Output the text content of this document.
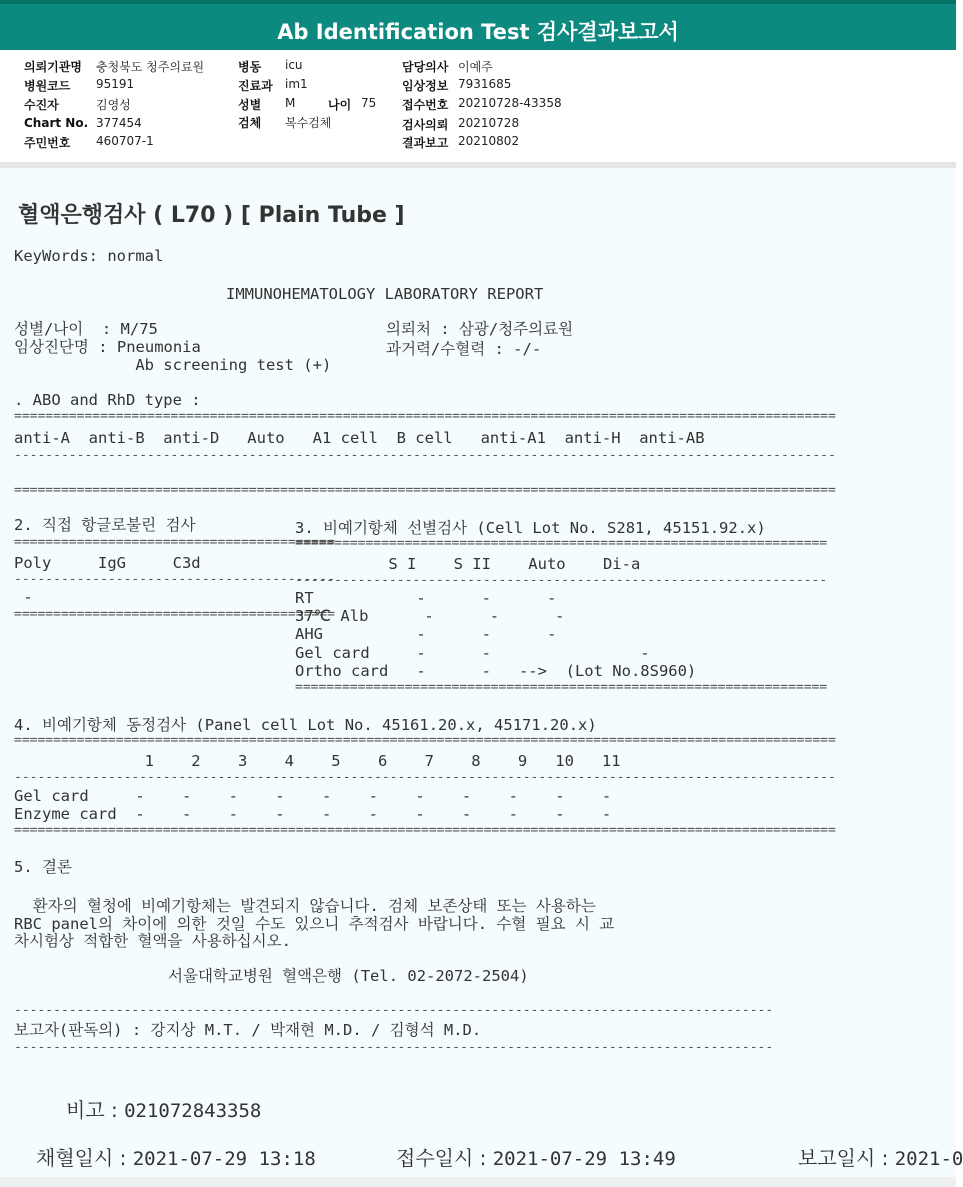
Ab Identification Test 검사결과보고서
의뢰기관명 충청북도 청주의료원
병원코드 95191
수진자	김영성
Chart No. 377454
주민번호 460707-1
병동 icu
진료과 im1
성별 M	나이 75
검체 복수검체
담당의사 이예주
임상정보 7931685
접수번호 20210728-43358
검사의뢰 20210728
결과보고 20210802
혈액은행검사 ( L70 ) [ Plain Tube ]
KeyWords: normal
IMMUNOHEMATOLOGY LABORATORY REPORT
성별/나이  : M/75
임상진단명 : Pneumonia
Ab screening test (+)
의뢰처 : 삼광/청주의료원
과거력/수혈력 : -/-
. ABO and RhD type :
=========================================================================================================
anti-A  anti-B  anti-D   Auto   A1 cell  B cell   anti-A1  anti-H  anti-AB
---------------------------------------------------------------------------------------------------------
=========================================================================================================
2. 직접 항글로불린 검사
=========================================
Poly     IgG     C3d
-----------------------------------------
-
=========================================
3. 비예기항체 선별검사 (Cell Lot No. S281, 45151.92.x)
====================================================================
S I    S II    Auto    Di-a
--------------------------------------------------------------------
RT           -      -      -
37℃ Alb      -      -      -
AHG          -      -      -
Gel card     -      -                -
Ortho card   -      -   -->  (Lot No.8S960)
====================================================================
4. 비예기항체 동정검사 (Panel cell Lot No. 45161.20.x, 45171.20.x)
=========================================================================================================
1    2    3    4    5    6    7    8    9   10   11
---------------------------------------------------------------------------------------------------------
Gel card     -    -    -    -    -    -    -    -    -    -    -
Enzyme card  -    -    -    -    -    -    -    -    -    -    -
=========================================================================================================
5. 결론
환자의 혈청에 비예기항체는 발견되지 않습니다. 검체 보존상태 또는 사용하는
RBC panel의 차이에 의한 것일 수도 있으니 추적검사 바랍니다. 수혈 필요 시 교
차시험상 적합한 혈액을 사용하십시오.
서울대학교병원 혈액은행 (Tel. 02-2072-2504)
-------------------------------------------------------------------------------------------------
보고자(판독의) : 강지상 M.T. / 박재현 M.D. / 김형석 M.D.
-------------------------------------------------------------------------------------------------
비고 : 021072843358
채혈일시 : 2021-07-29 13:18	접수일시 : 2021-07-29 13:49	보고일시 : 2021-0
